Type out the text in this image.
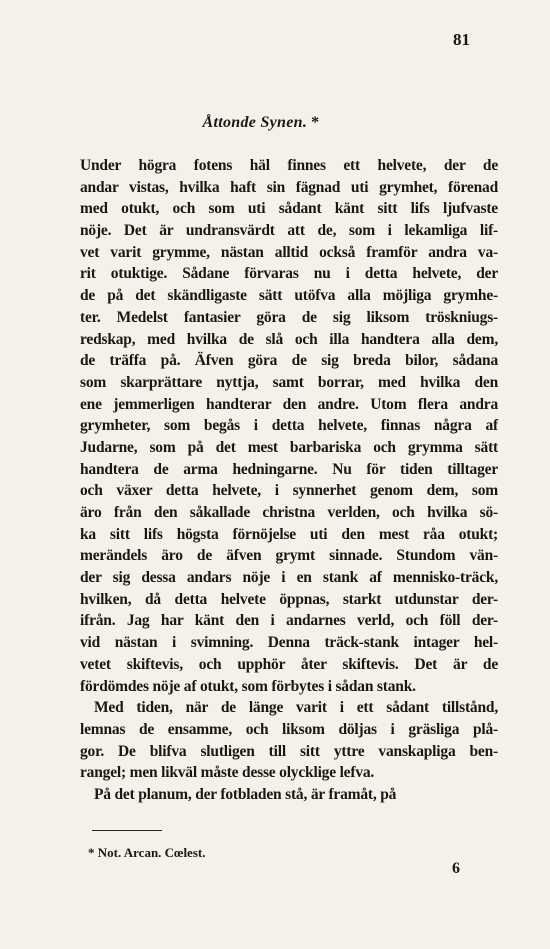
81
Åttonde Synen. *
Under högra fotens häl finnes ett helvete, der de
andar vistas, hvilka haft sin fägnad uti grymhet, förenad
med otukt, och som uti sådant känt sitt lifs ljufvaste
nöje. Det är undransvärdt att de, som i lekamliga lif-
vet varit grymme, nästan alltid också framför andra va-
rit otuktige. Sådane förvaras nu i detta helvete, der
de på det skändligaste sätt utöfva alla möjliga grymhe-
ter. Medelst fantasier göra de sig liksom tröskniugs-
redskap, med hvilka de slå och illa handtera alla dem,
de träffa på. Äfven göra de sig breda bilor, sådana
som skarprättare nyttja, samt borrar, med hvilka den
ene jemmerligen handterar den andre. Utom flera andra
grymheter, som begås i detta helvete, finnas några af
Judarne, som på det mest barbariska och grymma sätt
handtera de arma hedningarne. Nu för tiden tilltager
och växer detta helvete, i synnerhet genom dem, som
äro från den såkallade christna verlden, och hvilka sö-
ka sitt lifs högsta förnöjelse uti den mest råa otukt;
merändels äro de äfven grymt sinnade. Stundom vän-
der sig dessa andars nöje i en stank af mennisko-träck,
hvilken, då detta helvete öppnas, starkt utdunstar der-
ifrån. Jag har känt den i andarnes verld, och föll der-
vid nästan i svimning. Denna träck-stank intager hel-
vetet skiftevis, och upphör åter skiftevis. Det är de
fördömdes nöje af otukt, som förbytes i sådan stank.
Med tiden, när de länge varit i ett sådant tillstånd,
lemnas de ensamme, och liksom döljas i gräsliga plå-
gor. De blifva slutligen till sitt yttre vanskapliga ben-
rangel; men likväl måste desse olycklige lefva.
På det planum, der fotbladen stå, är framåt, på
* Not. Arcan. Cœlest.
6
